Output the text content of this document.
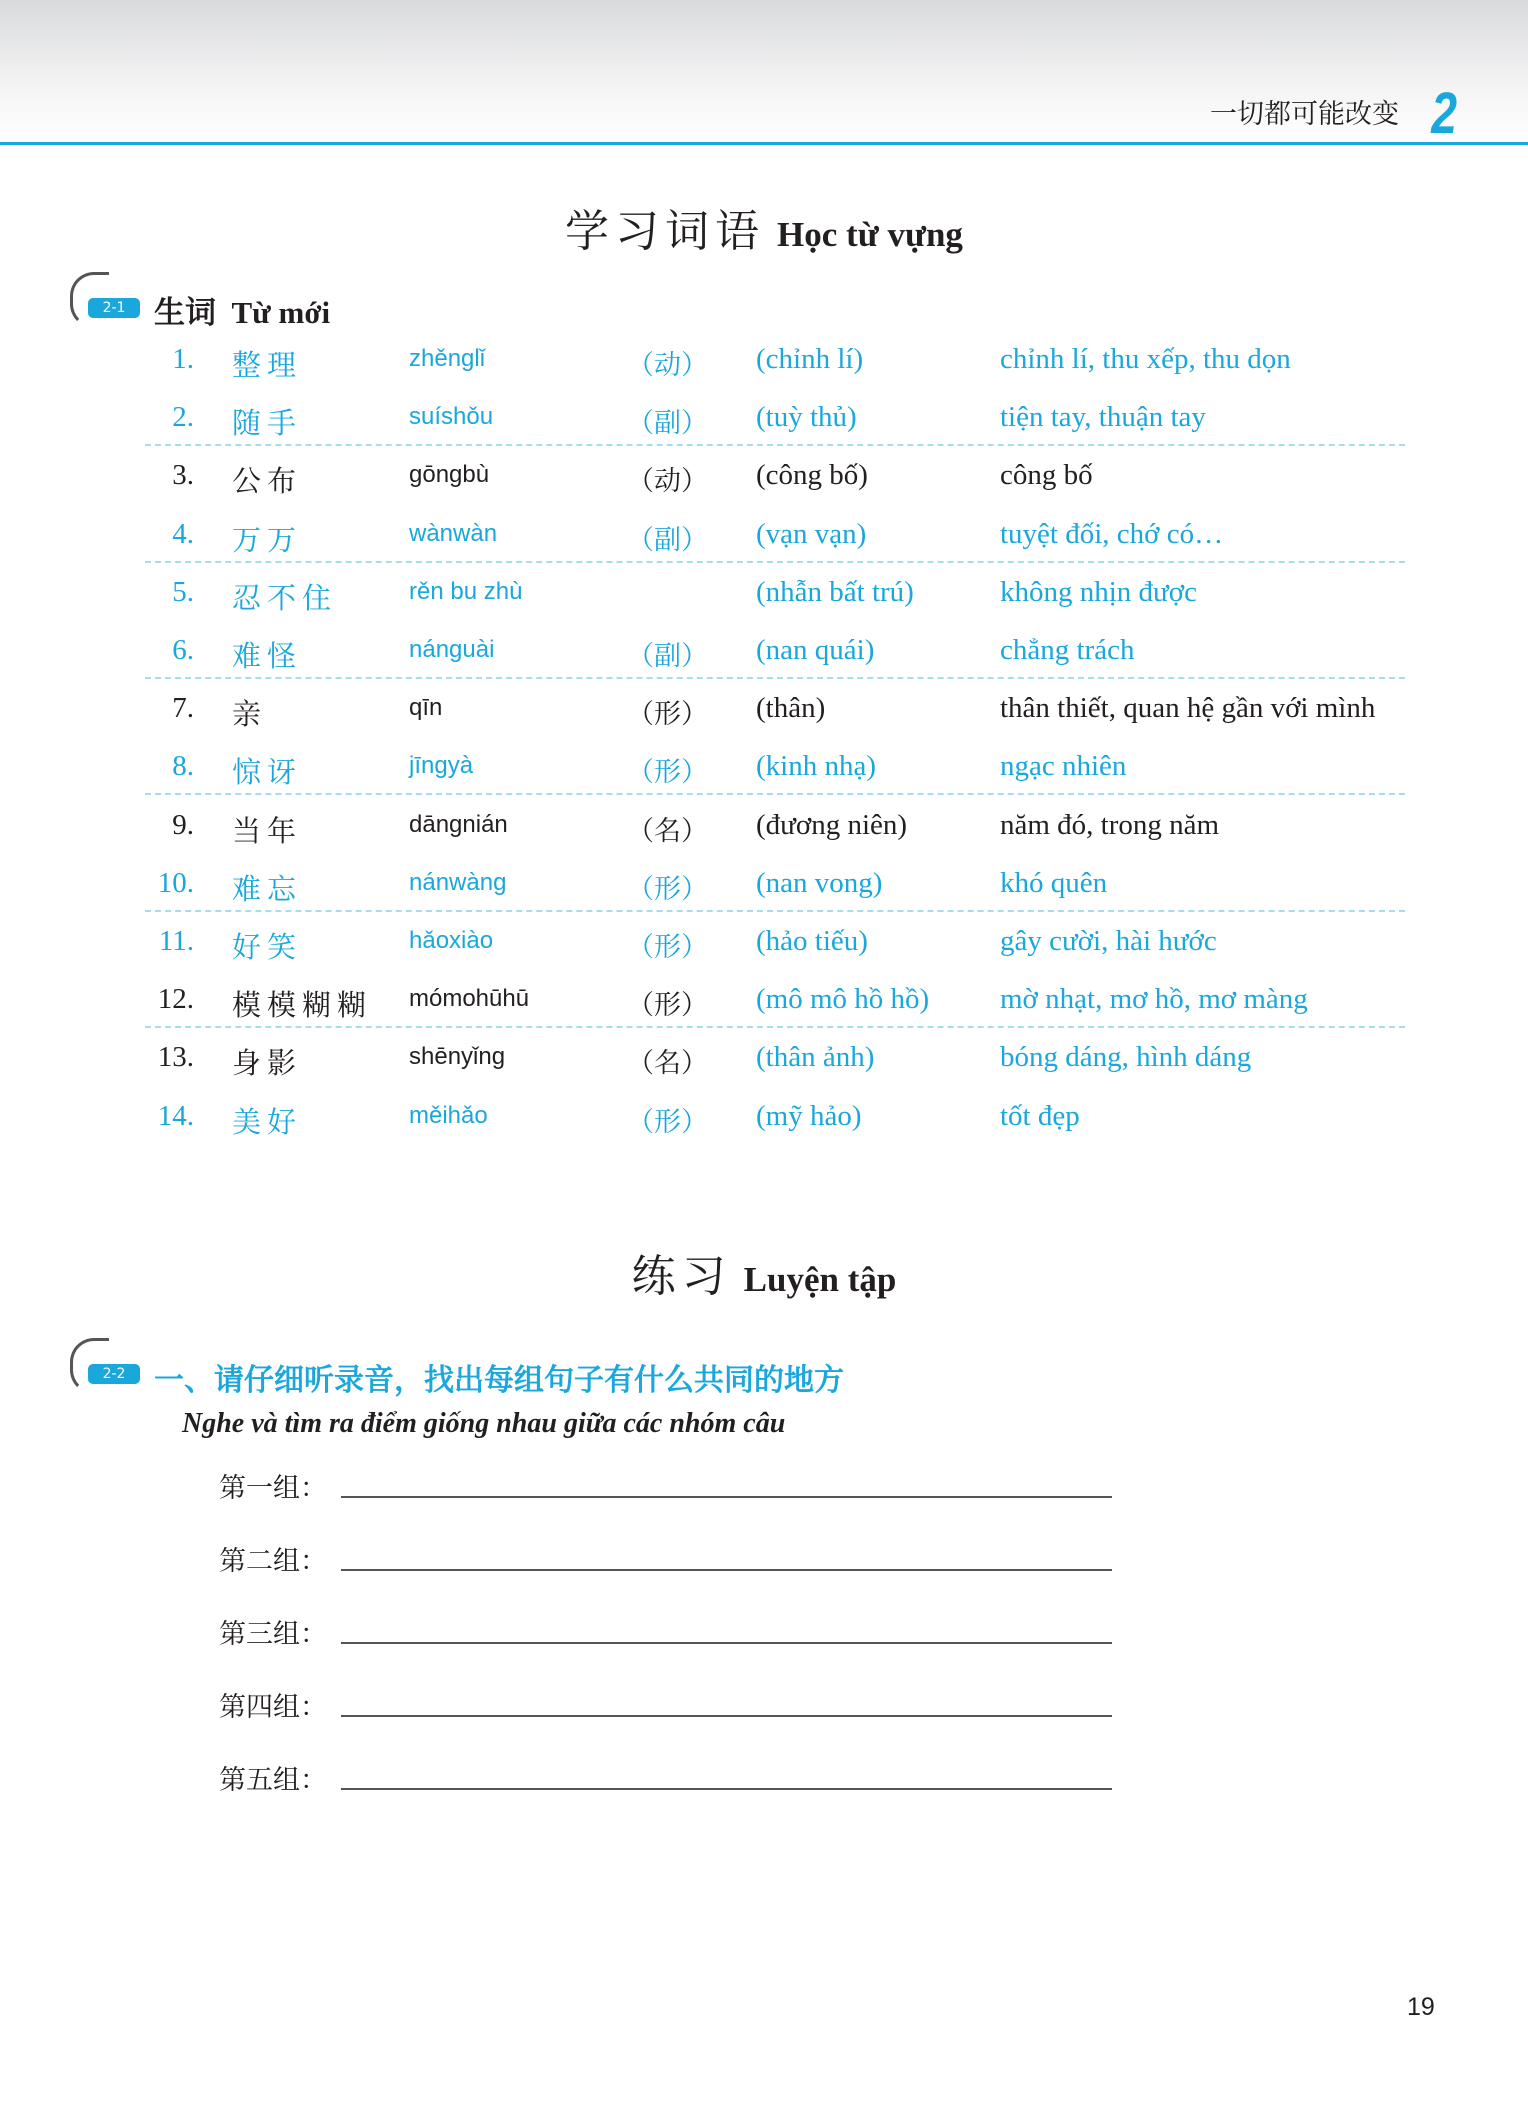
一切都可能改变 2
学习词语 Học từ vựng
2-1 生词 Từ mới
1. 整理	zhěnglǐ	（动） (chỉnh lí)	chỉnh lí, thu xếp, thu dọn
2. 随手	suíshǒu	（副） (tuỳ thủ)	tiện tay, thuận tay
3. 公布	gōngbù	（动） (công bố)	công bố
4. 万万	wànwàn	（副） (vạn vạn)	tuyệt đối, chớ có…
5. 忍不住	rěn bu zhù	(nhẫn bất trú)	không nhịn được
6. 难怪	nánguài	（副） (nan quái)	chẳng trách
7. 亲	qīn	（形） (thân)	thân thiết, quan hệ gần với mình
8. 惊讶	jīngyà	（形） (kinh nhạ)	ngạc nhiên
9. 当年	dāngnián	（名） (đương niên)	năm đó, trong năm
10. 难忘	nánwàng	（形） (nan vong)	khó quên
11. 好笑	hǎoxiào	（形） (hảo tiếu)	gây cười, hài hước
12. 模模糊糊 mómohūhū	（形） (mô mô hồ hồ) mờ nhạt, mơ hồ, mơ màng
13. 身影	shēnyǐng	（名） (thân ảnh)	bóng dáng, hình dáng
14. 美好	měihǎo	（形） (mỹ hảo)	tốt đẹp
练习 Luyện tập
2-2 一、请仔细听录音，找出每组句子有什么共同的地方
Nghe và tìm ra điểm giống nhau giữa các nhóm câu
第一组：
第二组：
第三组：
第四组：
第五组：
19
